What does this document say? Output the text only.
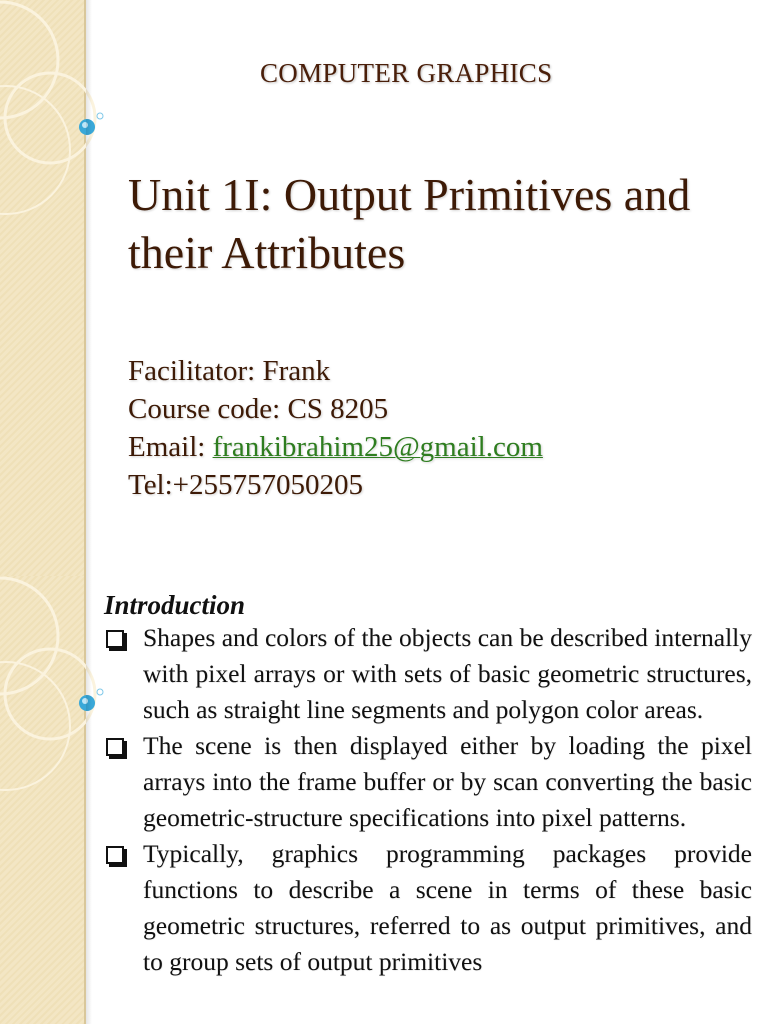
COMPUTER GRAPHICS
Unit 1I: Output Primitives and their Attributes
Facilitator: Frank
Course code: CS 8205
Email: frankibrahim25@gmail.com
Tel:+255757050205
Introduction
Shapes and colors of the objects can be described internally with pixel arrays or with sets of basic geometric structures, such as straight line segments and polygon color areas.
The scene is then displayed either by loading the pixel arrays into the frame buffer or by scan converting the basic geometric-structure specifications into pixel patterns.
Typically, graphics programming packages provide functions to describe a scene in terms of these basic geometric structures, referred to as output primitives, and to group sets of output primitives
